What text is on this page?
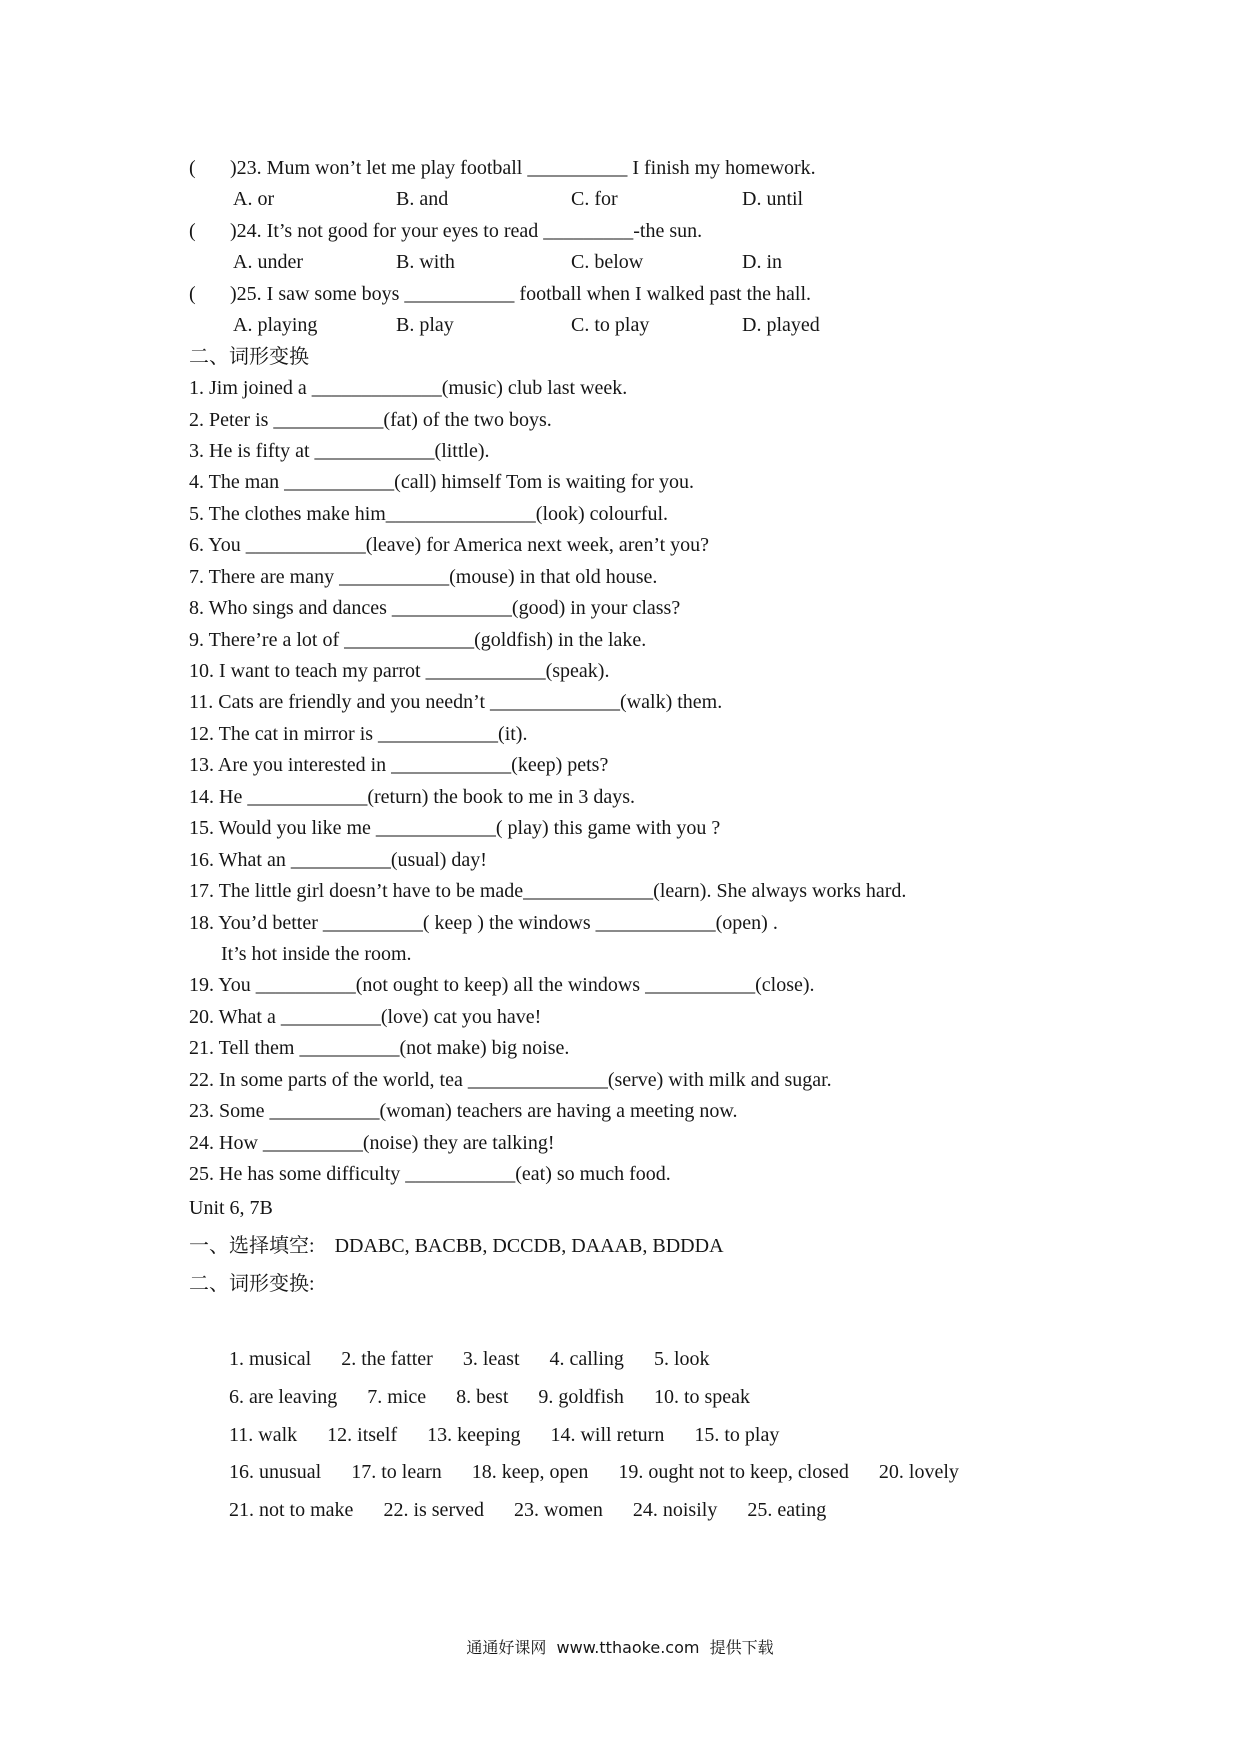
( )23. Mum won’t let me play football __________ I finish my homework.

A. or

	B. and

	C. for

	D. until

( )24. It’s not good for your eyes to read _________-the sun.

A. under

	B. with

	C. below

	D. in

( )25. I saw some boys ___________ football when I walked past the hall.

A. playing

	B. play

	C. to play

	D. played

二、词形变换
1. Jim joined a _____________(music) club last week.
2. Peter is ___________(fat) of the two boys.
3. He is fifty at ____________(little).
4. The man ___________(call) himself Tom is waiting for you.
5. The clothes make him_______________(look) colourful.
6. You ____________(leave) for America next week, aren’t you?
7. There are many ___________(mouse) in that old house.
8. Who sings and dances ____________(good) in your class?
9. There’re a lot of _____________(goldfish) in the lake.
10. I want to teach my parrot ____________(speak).
11. Cats are friendly and you needn’t _____________(walk) them.
12. The cat in mirror is ____________(it).
13. Are you interested in ____________(keep) pets?
14. He ____________(return) the book to me in 3 days.
15. Would you like me ____________( play) this game with you ?
16. What an __________(usual) day!
17. The little girl doesn’t have to be made_____________(learn). She always works hard.
18. You’d better __________( keep ) the windows ____________(open) .
It’s hot inside the room.
19. You __________(not ought to keep) all the windows ___________(close).
20. What a __________(love) cat you have!
21. Tell them __________(not make) big noise.
22. In some parts of the world, tea ______________(serve) with milk and sugar.
23. Some ___________(woman) teachers are having a meeting now.
24. How __________(noise) they are talking!
25. He has some difficulty ___________(eat) so much food.
Unit 6, 7B
一、选择填空: DDABC, BACBB, DCCDB, DAAAB, BDDDA
二、词形变换:

1. musical 2. the fatter 3. least 4. calling 5. look

6. are leaving 7. mice 8. best 9. goldfish 10. to speak

11. walk 12. itself 13. keeping 14. will return 15. to play

16. unusual 17. to learn 18. keep, open 19. ought not to keep, closed 20. lovely

21. not to make 22. is served 23. women 24. noisily 25. eating

通通好课网  www.tthaoke.com  提供下载
